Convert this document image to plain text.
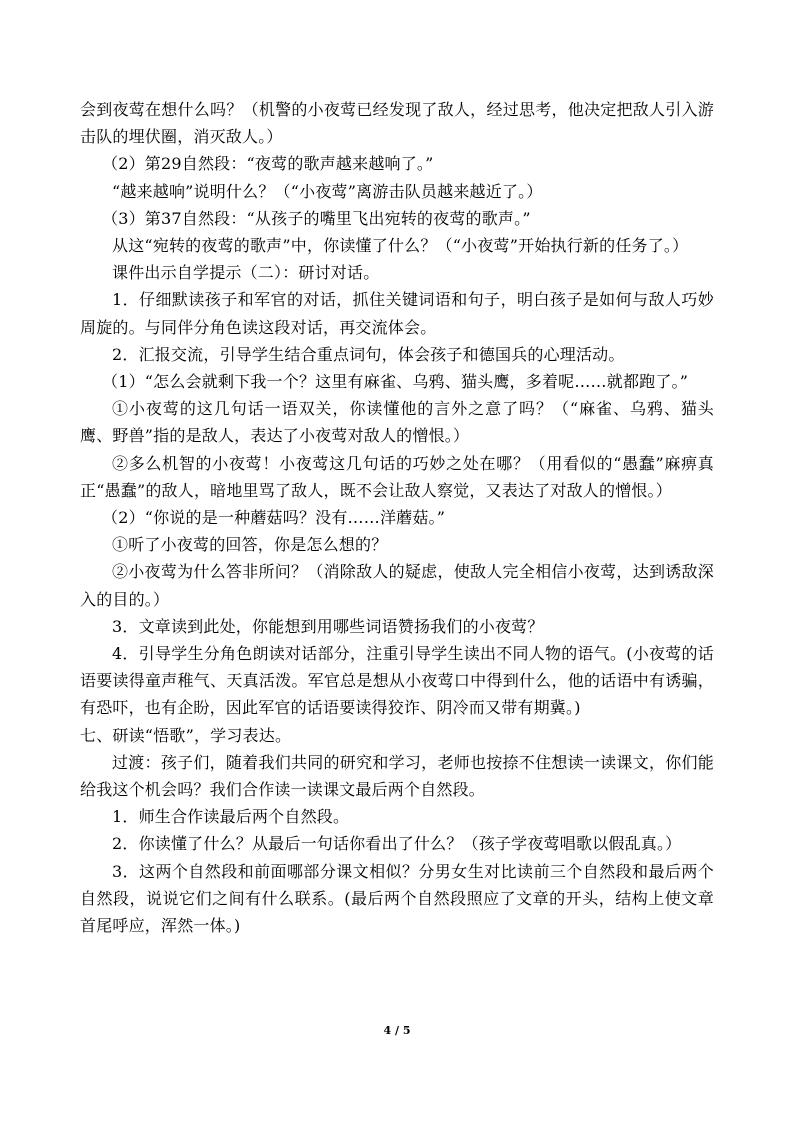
会到夜莺在想什么吗？（机警的小夜莺已经发现了敌人，经过思考，他决定把敌人引入游击队的埋伏圈，消灭敌人。）

（2）第29自然段：“夜莺的歌声越来越响了。”

“越来越响”说明什么？（“小夜莺”离游击队员越来越近了。）

（3）第37自然段：“从孩子的嘴里飞出宛转的夜莺的歌声。”

从这“宛转的夜莺的歌声”中，你读懂了什么？（“小夜莺”开始执行新的任务了。）

课件出示自学提示（二）：研讨对话。

1．仔细默读孩子和军官的对话，抓住关键词语和句子，明白孩子是如何与敌人巧妙周旋的。与同伴分角色读这段对话，再交流体会。

2．汇报交流，引导学生结合重点词句，体会孩子和德国兵的心理活动。

（1）“怎么会就剩下我一个？这里有麻雀、乌鸦、猫头鹰，多着呢……就都跑了。”

①小夜莺的这几句话一语双关，你读懂他的言外之意了吗？（“麻雀、乌鸦、猫头鹰、野兽”指的是敌人，表达了小夜莺对敌人的憎恨。）

②多么机智的小夜莺！小夜莺这几句话的巧妙之处在哪？（用看似的“愚蠢”麻痹真正“愚蠢”的敌人，暗地里骂了敌人，既不会让敌人察觉，又表达了对敌人的憎恨。）

（2）“你说的是一种蘑菇吗？没有……洋蘑菇。”

①听了小夜莺的回答，你是怎么想的？

②小夜莺为什么答非所问？（消除敌人的疑虑，使敌人完全相信小夜莺，达到诱敌深入的目的。）

3．文章读到此处，你能想到用哪些词语赞扬我们的小夜莺？

4．引导学生分角色朗读对话部分，注重引导学生读出不同人物的语气。(小夜莺的话语要读得童声稚气、天真活泼。军官总是想从小夜莺口中得到什么，他的话语中有诱骗，有恐吓，也有企盼，因此军官的话语要读得狡诈、阴冷而又带有期冀。)

七、研读“悟歌”，学习表达。

过渡：孩子们，随着我们共同的研究和学习，老师也按捺不住想读一读课文，你们能给我这个机会吗？我们合作读一读课文最后两个自然段。

1．师生合作读最后两个自然段。

2．你读懂了什么？从最后一句话你看出了什么？（孩子学夜莺唱歌以假乱真。）

3．这两个自然段和前面哪部分课文相似？分男女生对比读前三个自然段和最后两个自然段，说说它们之间有什么联系。(最后两个自然段照应了文章的开头，结构上使文章首尾呼应，浑然一体。)

4 / 5
